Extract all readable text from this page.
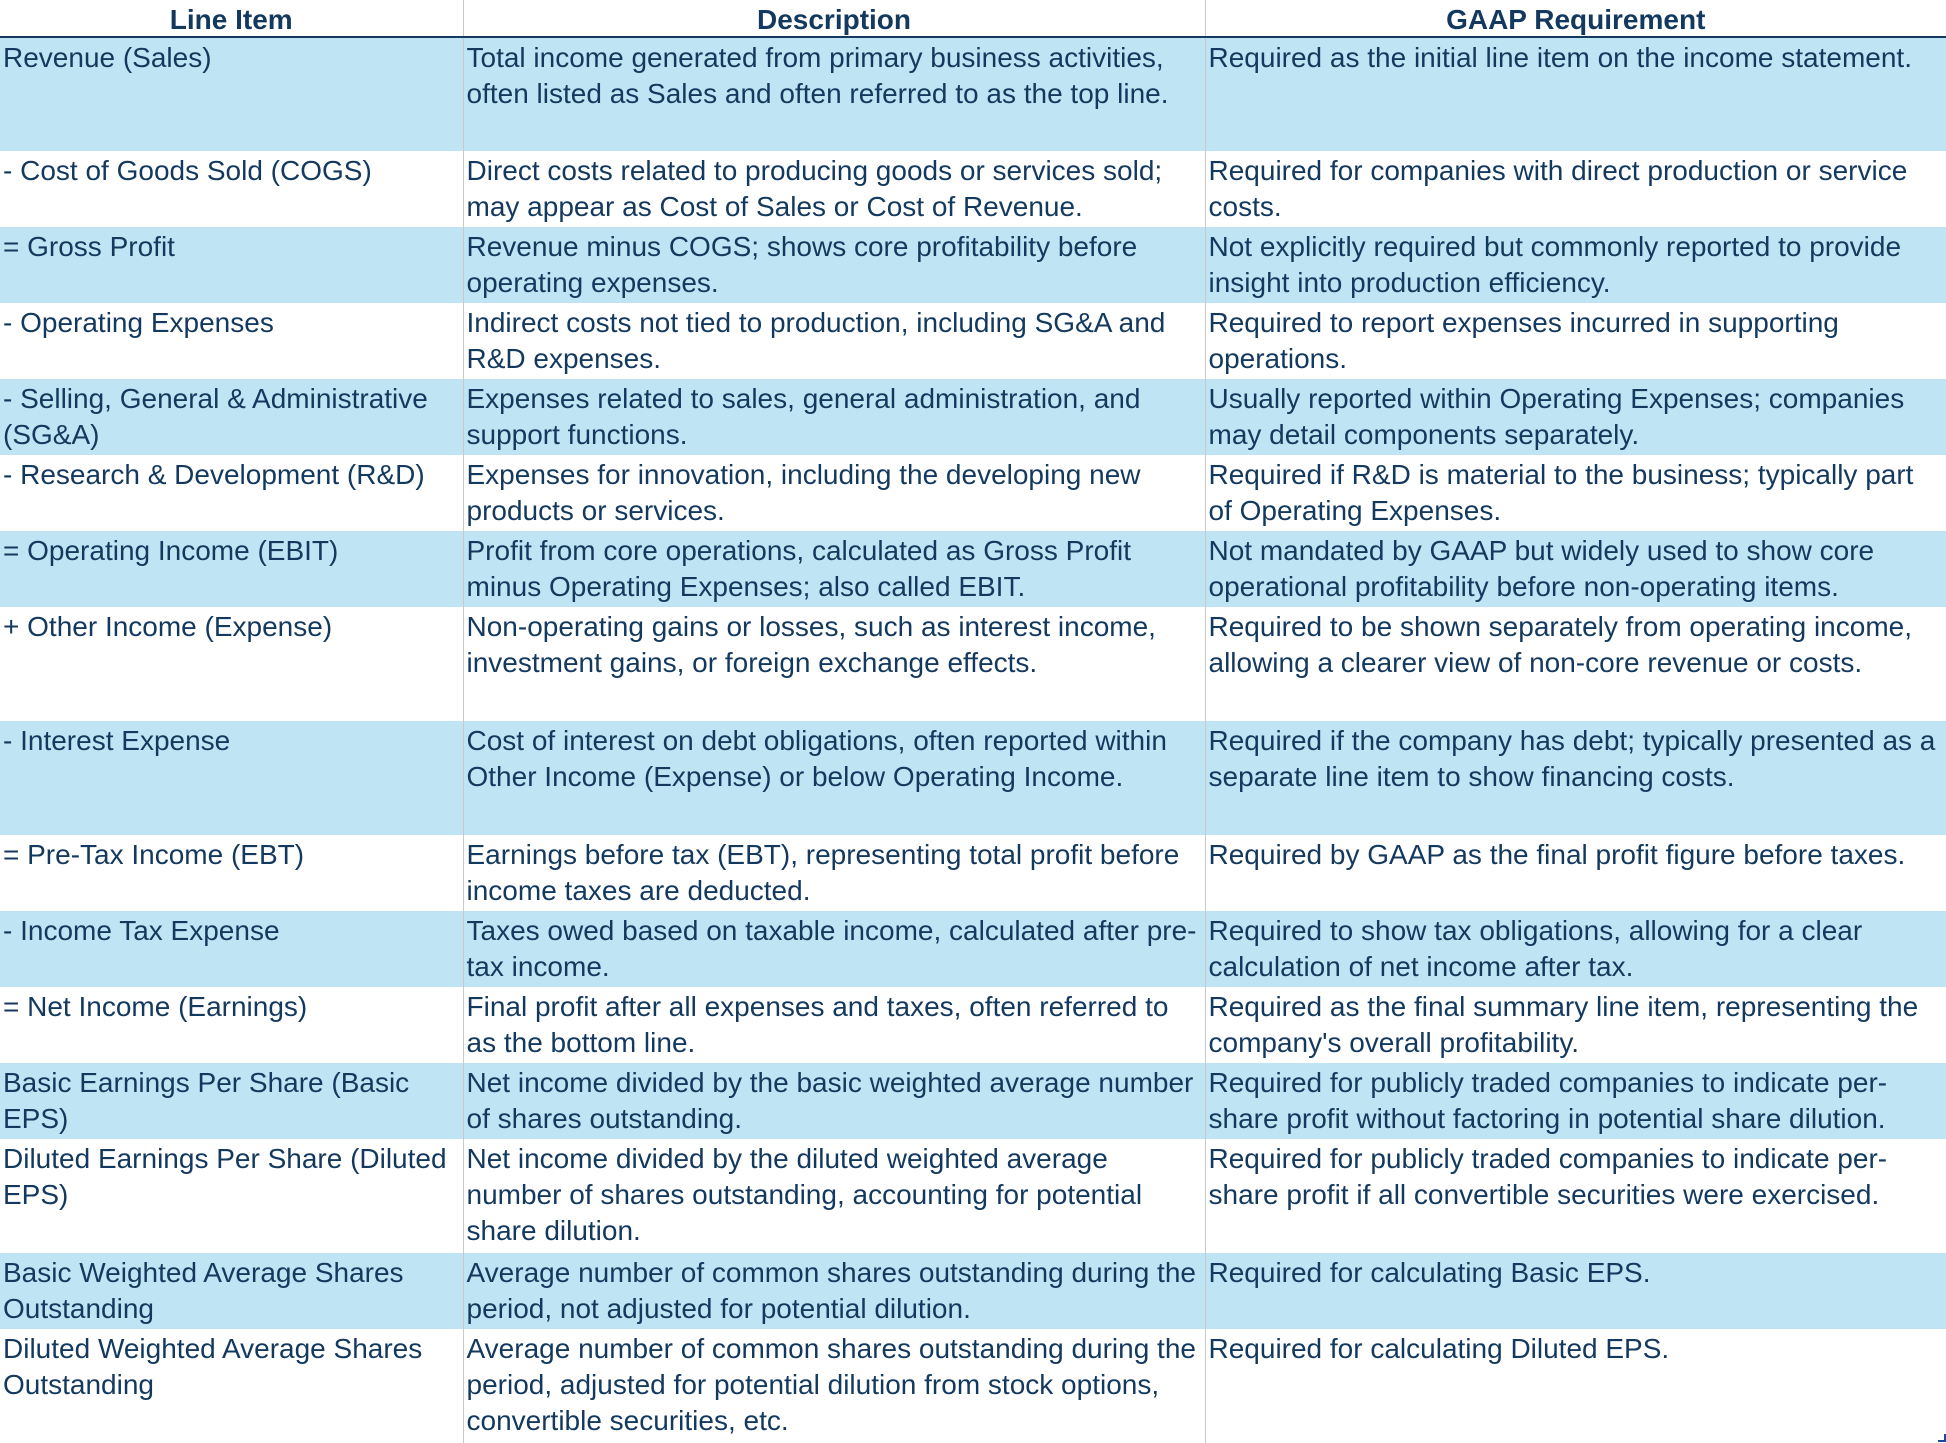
Line Item	Description	GAAP Requirement
Revenue (Sales)	Total income generated from primary business activities, often listed as Sales and often referred to as the top line.	Required as the initial line item on the income statement.
- Cost of Goods Sold (COGS)	Direct costs related to producing goods or services sold; may appear as Cost of Sales or Cost of Revenue.	Required for companies with direct production or service costs.
= Gross Profit	Revenue minus COGS; shows core profitability before operating expenses.	Not explicitly required but commonly reported to provide insight into production efficiency.
- Operating Expenses	Indirect costs not tied to production, including SG&A and R&D expenses.	Required to report expenses incurred in supporting operations.
- Selling, General & Administrative (SG&A)	Expenses related to sales, general administration, and support functions.	Usually reported within Operating Expenses; companies may detail components separately.
- Research & Development (R&D)	Expenses for innovation, including the developing new products or services.	Required if R&D is material to the business; typically part of Operating Expenses.
= Operating Income (EBIT)	Profit from core operations, calculated as Gross Profit minus Operating Expenses; also called EBIT.	Not mandated by GAAP but widely used to show core operational profitability before non-operating items.
+ Other Income (Expense)	Non-operating gains or losses, such as interest income, investment gains, or foreign exchange effects.	Required to be shown separately from operating income, allowing a clearer view of non-core revenue or costs.
- Interest Expense	Cost of interest on debt obligations, often reported within Other Income (Expense) or below Operating Income.	Required if the company has debt; typically presented as a separate line item to show financing costs.
= Pre-Tax Income (EBT)	Earnings before tax (EBT), representing total profit before income taxes are deducted.	Required by GAAP as the final profit figure before taxes.
- Income Tax Expense	Taxes owed based on taxable income, calculated after pre-tax income.	Required to show tax obligations, allowing for a clear calculation of net income after tax.
= Net Income (Earnings)	Final profit after all expenses and taxes, often referred to as the bottom line.	Required as the final summary line item, representing the company's overall profitability.
Basic Earnings Per Share (Basic EPS)	Net income divided by the basic weighted average number of shares outstanding.	Required for publicly traded companies to indicate per-share profit without factoring in potential share dilution.
Diluted Earnings Per Share (Diluted EPS)	Net income divided by the diluted weighted average number of shares outstanding, accounting for potential share dilution.	Required for publicly traded companies to indicate per-share profit if all convertible securities were exercised.
Basic Weighted Average Shares Outstanding	Average number of common shares outstanding during the period, not adjusted for potential dilution.	Required for calculating Basic EPS.
Diluted Weighted Average Shares Outstanding	Average number of common shares outstanding during the period, adjusted for potential dilution from stock options, convertible securities, etc.	Required for calculating Diluted EPS.
